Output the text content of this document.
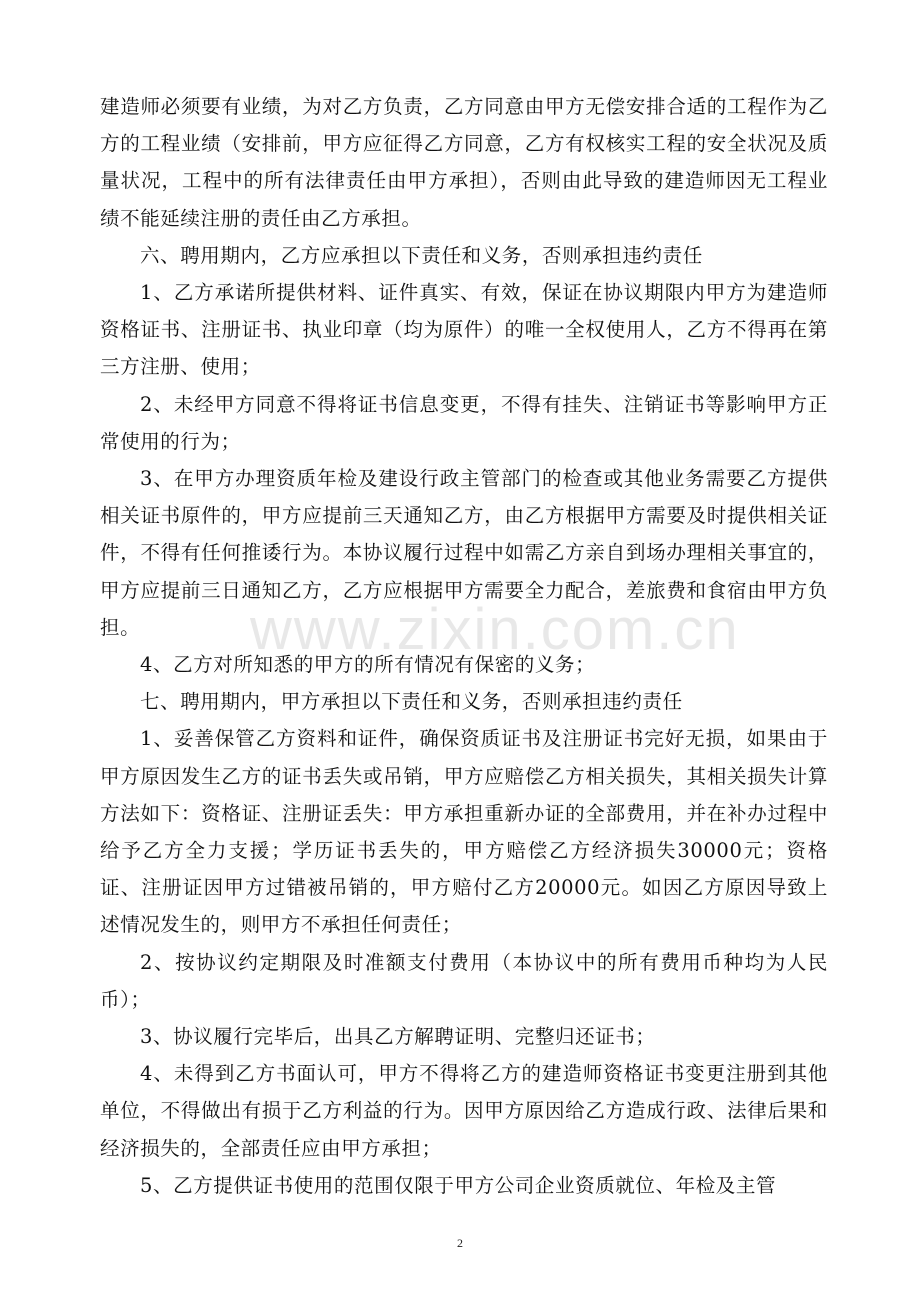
建造师必须要有业绩，为对乙方负责，乙方同意由甲方无偿安排合适的工程作为乙方的工程业绩（安排前，甲方应征得乙方同意，乙方有权核实工程的安全状况及质量状况，工程中的所有法律责任由甲方承担），否则由此导致的建造师因无工程业绩不能延续注册的责任由乙方承担。

六、聘用期内，乙方应承担以下责任和义务，否则承担违约责任

1、乙方承诺所提供材料、证件真实、有效，保证在协议期限内甲方为建造师资格证书、注册证书、执业印章（均为原件）的唯一全权使用人，乙方不得再在第三方注册、使用；

2、未经甲方同意不得将证书信息变更，不得有挂失、注销证书等影响甲方正常使用的行为；

3、在甲方办理资质年检及建设行政主管部门的检查或其他业务需要乙方提供相关证书原件的，甲方应提前三天通知乙方，由乙方根据甲方需要及时提供相关证件，不得有任何推诿行为。本协议履行过程中如需乙方亲自到场办理相关事宜的，甲方应提前三日通知乙方，乙方应根据甲方需要全力配合，差旅费和食宿由甲方负担。

4、乙方对所知悉的甲方的所有情况有保密的义务；

七、聘用期内，甲方承担以下责任和义务，否则承担违约责任

1、妥善保管乙方资料和证件，确保资质证书及注册证书完好无损，如果由于甲方原因发生乙方的证书丢失或吊销，甲方应赔偿乙方相关损失，其相关损失计算方法如下：资格证、注册证丢失：甲方承担重新办证的全部费用，并在补办过程中给予乙方全力支援；学历证书丢失的，甲方赔偿乙方经济损失30000元；资格证、注册证因甲方过错被吊销的，甲方赔付乙方20000元。如因乙方原因导致上述情况发生的，则甲方不承担任何责任；

2、按协议约定期限及时准额支付费用（本协议中的所有费用币种均为人民币）；

3、协议履行完毕后，出具乙方解聘证明、完整归还证书；

4、未得到乙方书面认可，甲方不得将乙方的建造师资格证书变更注册到其他单位，不得做出有损于乙方利益的行为。因甲方原因给乙方造成行政、法律后果和经济损失的，全部责任应由甲方承担；

5、乙方提供证书使用的范围仅限于甲方公司企业资质就位、年检及主管

www.zixin.com.cn
2
